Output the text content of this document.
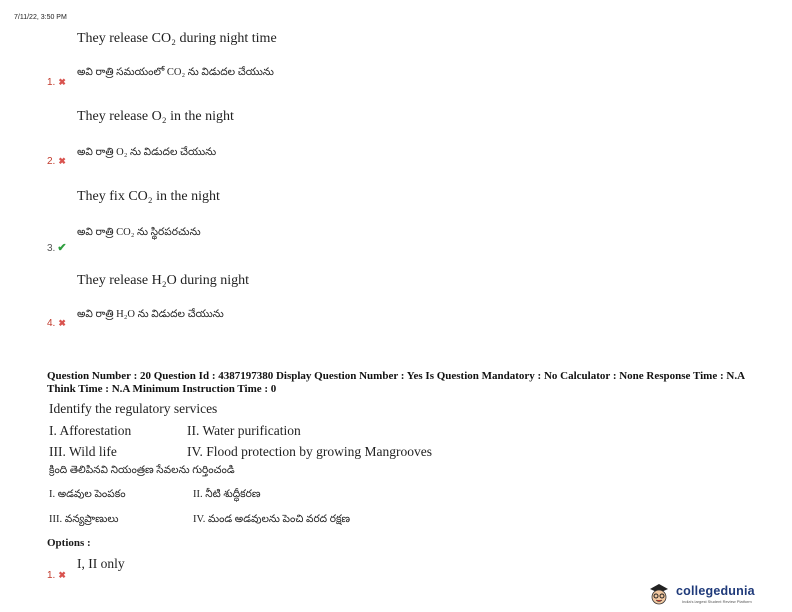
7/11/22, 3:50 PM
They release CO₂ during night time
1. ✖
అవి రాత్రి సమయంలో CO₂ ను విడుదల చేయును
They release O₂ in the night
2. ✖
అవి రాత్రి O₂ ను విడుదల చేయును
They fix CO₂ in the night
అవి రాత్రి CO₂ ను స్థిరపరచును
3. ✔
They release H₂O during night
4. ✖
అవి రాత్రి H₂O ను విడుదల చేయును
Question Number : 20 Question Id : 4387197380 Display Question Number : Yes Is Question Mandatory : No Calculator : None Response Time : N.A Think Time : N.A Minimum Instruction Time : 0
Identify the regulatory services
I. Afforestation	II. Water purification
III. Wild life	IV. Flood protection by growing Mangrooves
క్రింది తెలిపినవి నియంత్రణ సేవలను గుర్తించండి
I. అడవుల పెంపకం	II. నీటి శుద్ధీకరణ
III. వన్యప్రాణులు	IV. మండ అడవులను పెంచి వరద రక్షణ
Options :
I, II only
1. ✖
collegedunia
India's largest Student Review Platform
